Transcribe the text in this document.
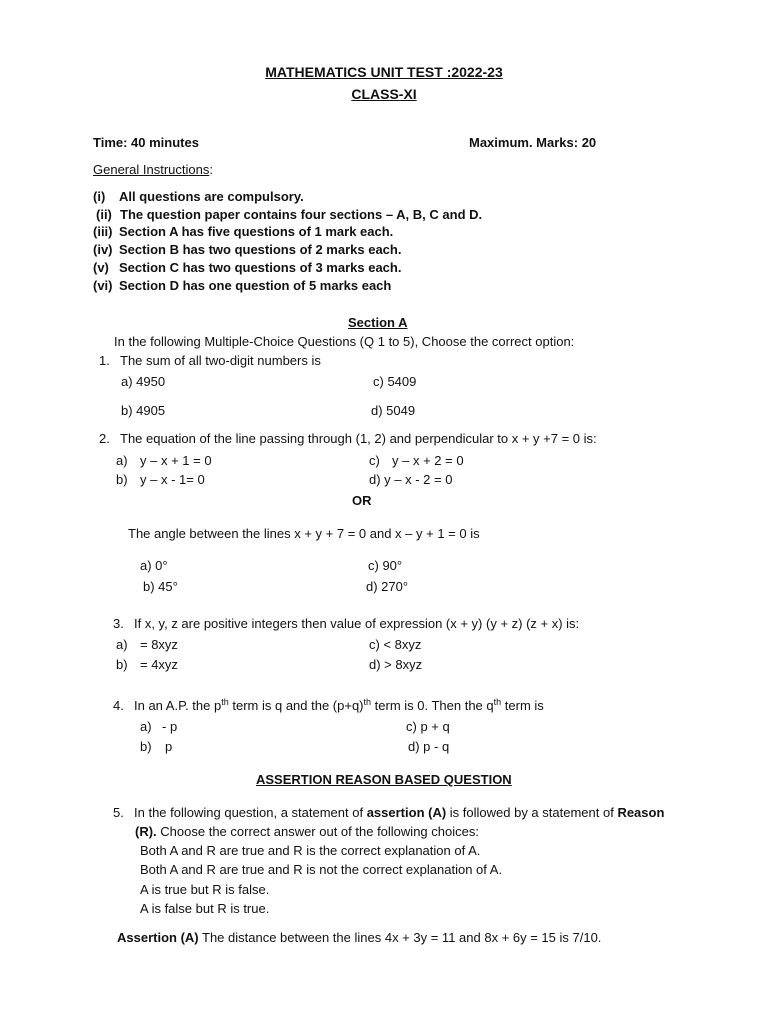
MATHEMATICS UNIT TEST :2022-23
CLASS-XI
Time: 40 minutes	Maximum. Marks: 20
General Instructions:
(i) All questions are compulsory.
(ii) The question paper contains four sections – A, B, C and D.
(iii) Section A has five questions of 1 mark each.
(iv) Section B has two questions of 2 marks each.
(v) Section C has two questions of 3 marks each.
(vi) Section D has one question of 5 marks each
Section A
In the following Multiple-Choice Questions (Q 1 to 5), Choose the correct option:
1. The sum of all two-digit numbers is
a) 4950	c) 5409
b) 4905	d) 5049
2. The equation of the line passing through (1, 2) and perpendicular to x + y +7 = 0 is:
a) y – x + 1 = 0	c) y – x + 2 = 0
b) y – x - 1= 0	d) y – x - 2 = 0
OR
The angle between the lines x + y + 7 = 0 and x – y + 1 = 0 is
a) 0°	c) 90°
b) 45°	d) 270°
3. If x, y, z are positive integers then value of expression (x + y) (y + z) (z + x) is:
a) = 8xyz	c) < 8xyz
b) = 4xyz	d) > 8xyz
4. In an A.P. the $p^{th}$ term is q and the $(p+q)^{th}$ term is 0. Then the $q^{th}$ term is
a) - p	c) p + q
b) p	d) p - q
ASSERTION REASON BASED QUESTION
5. In the following question, a statement of assertion (A) is followed by a statement of Reason
(R). Choose the correct answer out of the following choices:
Both A and R are true and R is the correct explanation of A.
Both A and R are true and R is not the correct explanation of A.
A is true but R is false.
A is false but R is true.
Assertion (A) The distance between the lines 4x + 3y = 11 and 8x + 6y = 15 is 7/10.
